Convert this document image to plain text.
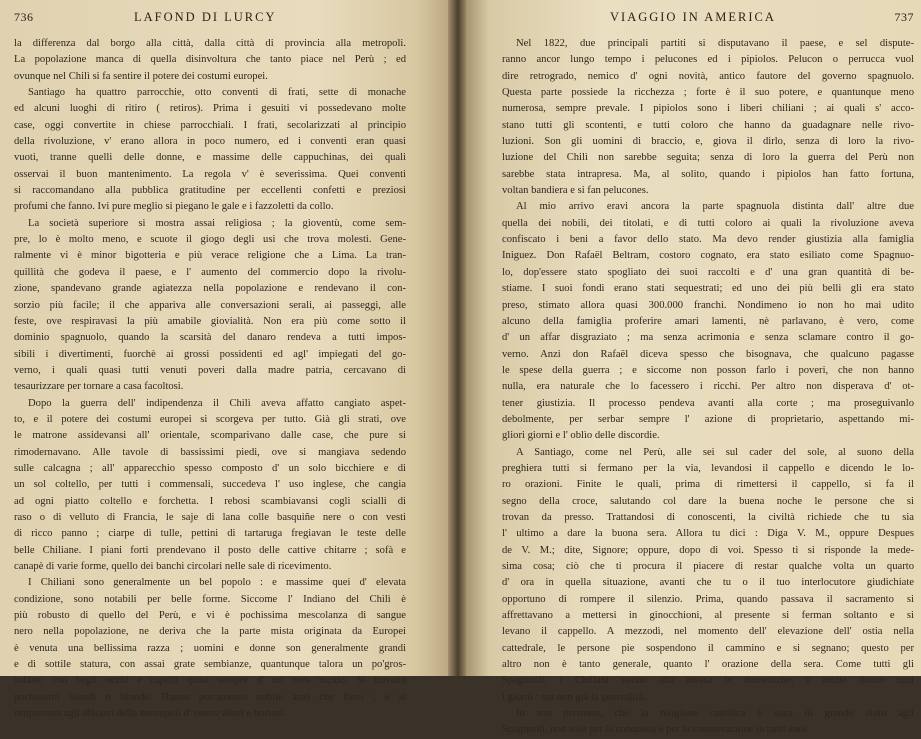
736	LAFOND DI LURCY
la differenza dal borgo alla città, dalla città di provincia alla metropoli.
La popolazione manca di quella disinvoltura che tanto piace nel Perù ; ed
ovunque nel Chilì si fa sentire il potere dei costumi europei.
Santiago ha quattro parrocchie, otto conventi di frati, sette di monache
ed alcuni luoghi di ritiro ( retiros). Prima i gesuiti vi possedevano molte
case, oggi convertite in chiese parrocchiali. I frati, secolarizzati al principio
della rivoluzione, v' erano allora in poco numero, ed i conventi eran quasi
vuoti, tranne quelli delle donne, e massime delle cappuchinas, dei quali
osservai il buon mantenimento. La regola v' è severissima. Quei conventi
si raccomandano alla pubblica gratitudine per eccellenti confetti e preziosi
profumi che fanno. Ivi pure meglio si piegano le gale e i fazzoletti da collo.
La società superiore si mostra assai religiosa ; la gioventù, come sem-
pre, lo è molto meno, e scuote il giogo degli usi che trova molesti. Gene-
ralmente vi è minor bigotteria e più verace religione che a Lima. La tran-
quillità che godeva il paese, e l' aumento del commercio dopo la rivolu-
zione, spandevano grande agiatezza nella popolazione e rendevano il con-
sorzio più facile; il che appariva alle conversazioni serali, ai passeggi, alle
feste, ove respiravasi la più amabile giovialità. Non era più come sotto il
dominio spagnuolo, quando la scarsità del danaro rendeva a tutti impos-
sibili i divertimenti, fuorchè ai grossi possidenti ed agl' impiegati del go-
verno, i quali quasi tutti venuti poveri dalla madre patria, cercavano di
tesaurizzare per tornare a casa facoltosi.
Dopo la guerra dell' indipendenza il Chilì aveva affatto cangiato aspet-
to, e il potere dei costumi europei si scorgeva per tutto. Già gli strati, ove
le matrone assidevansi all' orientale, scomparivano dalle case, che pure si
rimodernavano. Alle tavole di bassissimi piedi, ove si mangiava sedendo
sulle calcagna ; all' apparecchio spesso composto d' un solo bicchiere e di
un sol coltello, per tutti i commensali, succedeva l' uso inglese, che cangia
ad ogni piatto coltello e forchetta. I rebosi scambiavansi cogli scialli di
raso o di velluto di Francia, le saje di lana colle basquiñe nere o con vesti
di ricco panno ; ciarpe di tulle, pettini di tartaruga fregiavan le teste delle
belle Chiliane. I piani forti prendevano il posto delle cattive chitarre ; sofà e
canapè di varie forme, quello dei banchi circolari nelle sale di ricevimento.
I Chiliani sono generalmente un bel popolo : e massime quei d' elevata
condizione, sono notabili per belle forme. Siccome l' Indiano del Chilì è
più robusto di quello del Perù, e vi è pochissima mescolanza di sangue
nero nella popolazione, ne deriva che la parte mista originata da Europei
è venuta una bellissima razza ; uomini e donne son generalmente grandi
e di sottile statura, con assai grate sembianze, quantunque talora un po'gros-
solane, con begli occhi e capelli quasi sempre d' un nero lucido. Si trovano
pochissimi biondi o bionde. Hanno portamento nobile anzi che fiero ; e si
rimprovera agli abitanti della metropoli d' essere alteri e boriosi.
VIAGGIO IN AMERICA	737
Nel 1822, due principali partiti si disputavano il paese, e sel dispute-
ranno ancor lungo tempo i pelucones ed i pipiolos. Pelucon o perrucca vuol
dire retrogrado, nemico d' ogni novità, antico fautore del governo spagnuolo.
Questa parte possiede la ricchezza ; forte è il suo potere, e quantunque meno
numerosa, sempre prevale. I pipiolos sono i liberi chiliani ; ai quali s' acco-
stano tutti gli scontenti, e tutti coloro che hanno da guadagnare nelle rivo-
luzioni. Son gli uomini di braccio, e, giova il dirlo, senza di loro la rivo-
luzione del Chilì non sarebbe seguita; senza di loro la guerra del Perù non
sarebbe stata intrapresa. Ma, al solito, quando i pipiolos han fatto fortuna,
voltan bandiera e si fan pelucones.
Al mio arrivo eravi ancora la parte spagnuola distinta dall' altre due
quella dei nobili, dei titolati, e di tutti coloro ai quali la rivoluzione aveva
confiscato i beni a favor dello stato. Ma devo render giustizia alla famiglia
Iniguez. Don Rafaël Beltram, costoro cognato, era stato esiliato come Spagnuo-
lo, dop'essere stato spogliato dei suoi raccolti e d' una gran quantità di be-
stiame. I suoi fondi erano stati sequestrati; ed uno dei più belli gli era stato
preso, stimato allora quasi 300.000 franchi. Nondimeno io non ho mai udito
alcuno della famiglia proferire amari lamenti, nè parlavano, è vero, come
d' un affar disgraziato ; ma senza acrimonia e senza sclamare contro il go-
verno. Anzi don Rafaël diceva spesso che bisognava, che qualcuno pagasse
le spese della guerra ; e siccome non posson farlo i poveri, che non hanno
nulla, era naturale che lo facessero i ricchi. Per altro non disperava d' ot-
tener giustizia. Il processo pendeva avanti alla corte ; ma proseguivanlo
debolmente, per serbar sempre l' azione di proprietario, aspettando mi-
gliori giorni e l' oblìo delle discordie.
A Santiago, come nel Perù, alle sei sul cader del sole, al suono della
preghiera tutti si fermano per la via, levandosi il cappello e dicendo le lo-
ro orazioni. Finite le quali, prima di rimettersi il cappello, si fa il
segno della croce, salutando col dare la buena noche le persone che si
trovan da presso. Trattandosi di conoscenti, la civiltà richiede che tu sia
l' ultimo a dare la buona sera. Allora tu dici : Diga V. M., oppure Despues
de V. M.; dite, Signore; oppure, dopo di voi. Spesso ti si risponde la mede-
sima cosa; ciò che ti procura il piacere di restar qualche volta un quarto
d' ora in quella situazione, avanti che tu o il tuo interlocutore giudichiate
opportuno di rompere il silenzio. Prima, quando passava il sacramento si
affrettavano a mettersi in ginocchioni, al presente si ferman soltanto e si
levano il cappello. A mezzodì, nel momento dell' elevazione dell' ostia nella
cattedrale, le persone pie sospendono il cammino e si segnano; questo per
altro non è tanto generale, quanto l' orazione della sera. Come tutti gli
Spagnuoli, i Chiliani vanno alla messa le domeniche, e molte donne tutti
i giorni : ma non già la generalità.
Io son persuaso, che la religione cattolica è stata di grande aiuto agli
Spagnuoli, non solo per la conquista e per la conservazione in tanti anni
